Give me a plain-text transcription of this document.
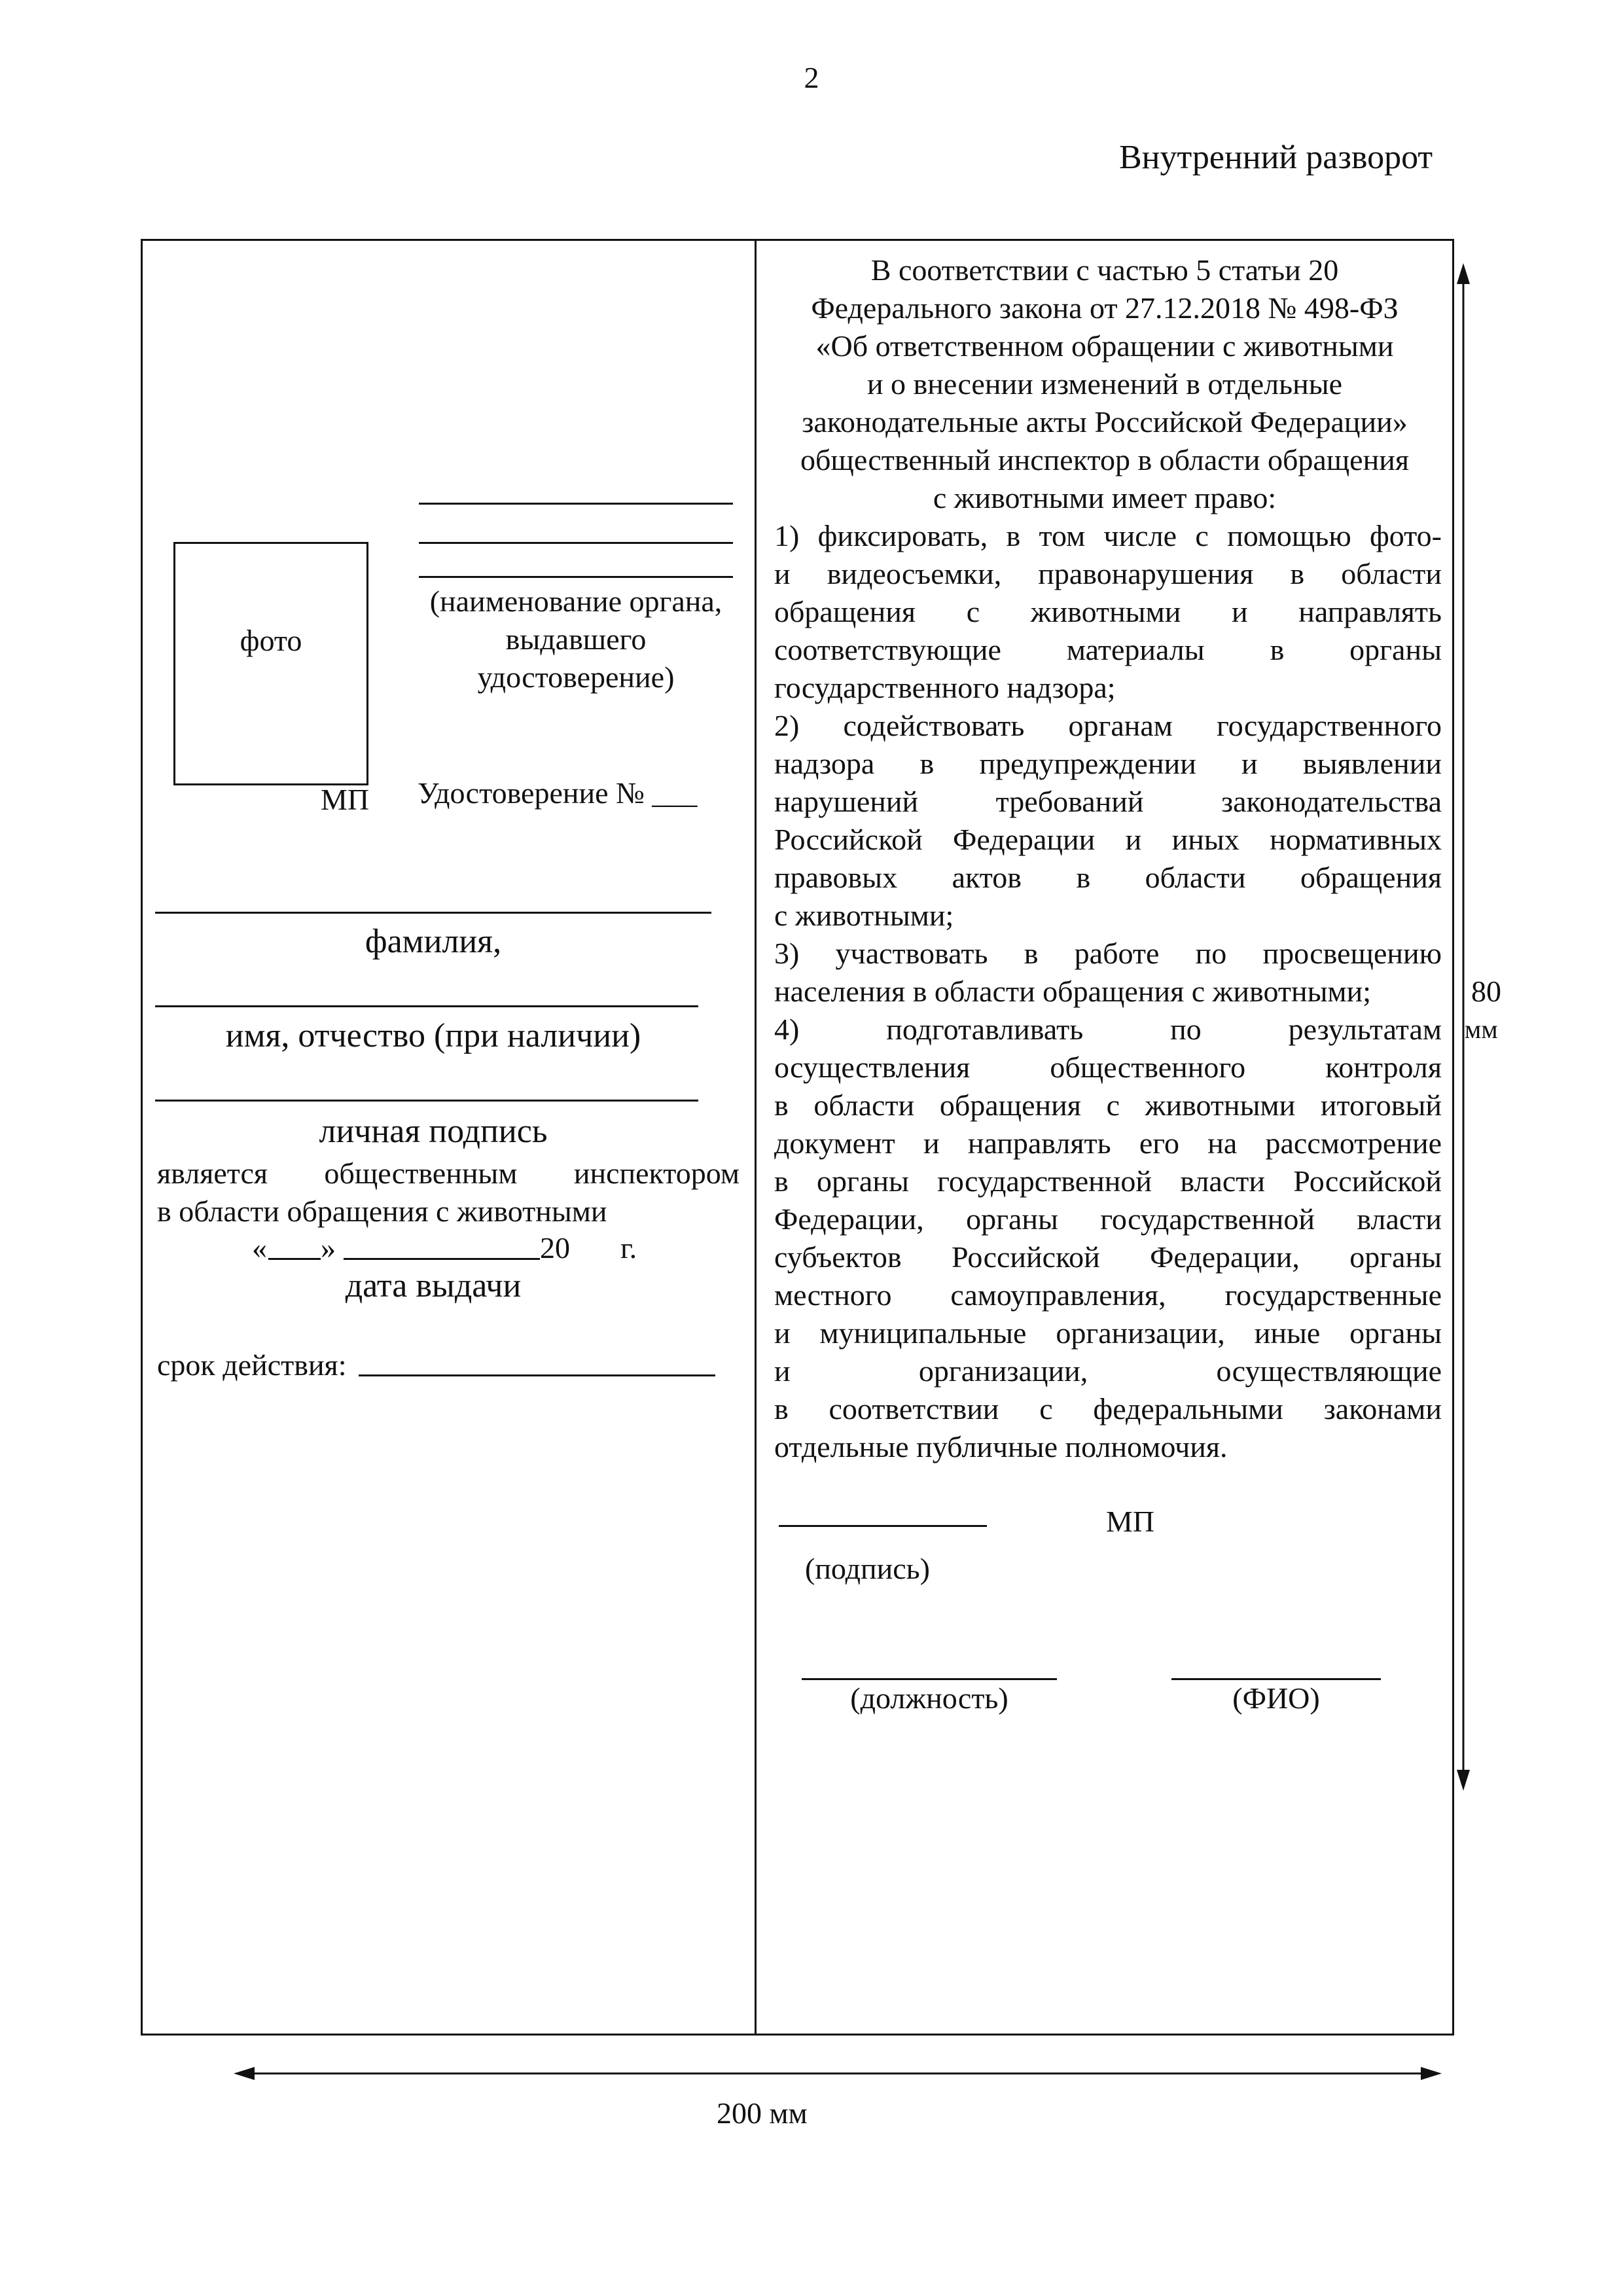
2
Внутренний разворот
фото
МП
(наименование органа,
выдавшего
удостоверение)
Удостоверение № ___
фамилия,
имя, отчество (при наличии)
личная подпись
является общественным инспектором
в области обращения с животными
« »	20 г.
дата выдачи
срок действия:
В соответствии с частью 5 статьи 20
Федерального закона от 27.12.2018 № 498-ФЗ
«Об ответственном обращении с животными
и о внесении изменений в отдельные
законодательные акты Российской Федерации»
общественный инспектор в области обращения
с животными имеет право:
1) фиксировать, в том числе с помощью фото-
и видеосъемки, правонарушения в области
обращения с животными и направлять
соответствующие материалы в органы
государственного надзора;
2) содействовать органам государственного
надзора в предупреждении и выявлении
нарушений требований законодательства
Российской Федерации и иных нормативных
правовых актов в области обращения
с животными;
3) участвовать в работе по просвещению
населения в области обращения с животными;
4) подготавливать по результатам
осуществления общественного контроля
в области обращения с животными итоговый
документ и направлять его на рассмотрение
в органы государственной власти Российской
Федерации, органы государственной власти
субъектов Российской Федерации, органы
местного самоуправления, государственные
и муниципальные организации, иные органы
и организации, осуществляющие
в соответствии с федеральными законами
отдельные публичные полномочия.
МП
(подпись)
(должность)	(ФИО)
80
мм
200 мм
